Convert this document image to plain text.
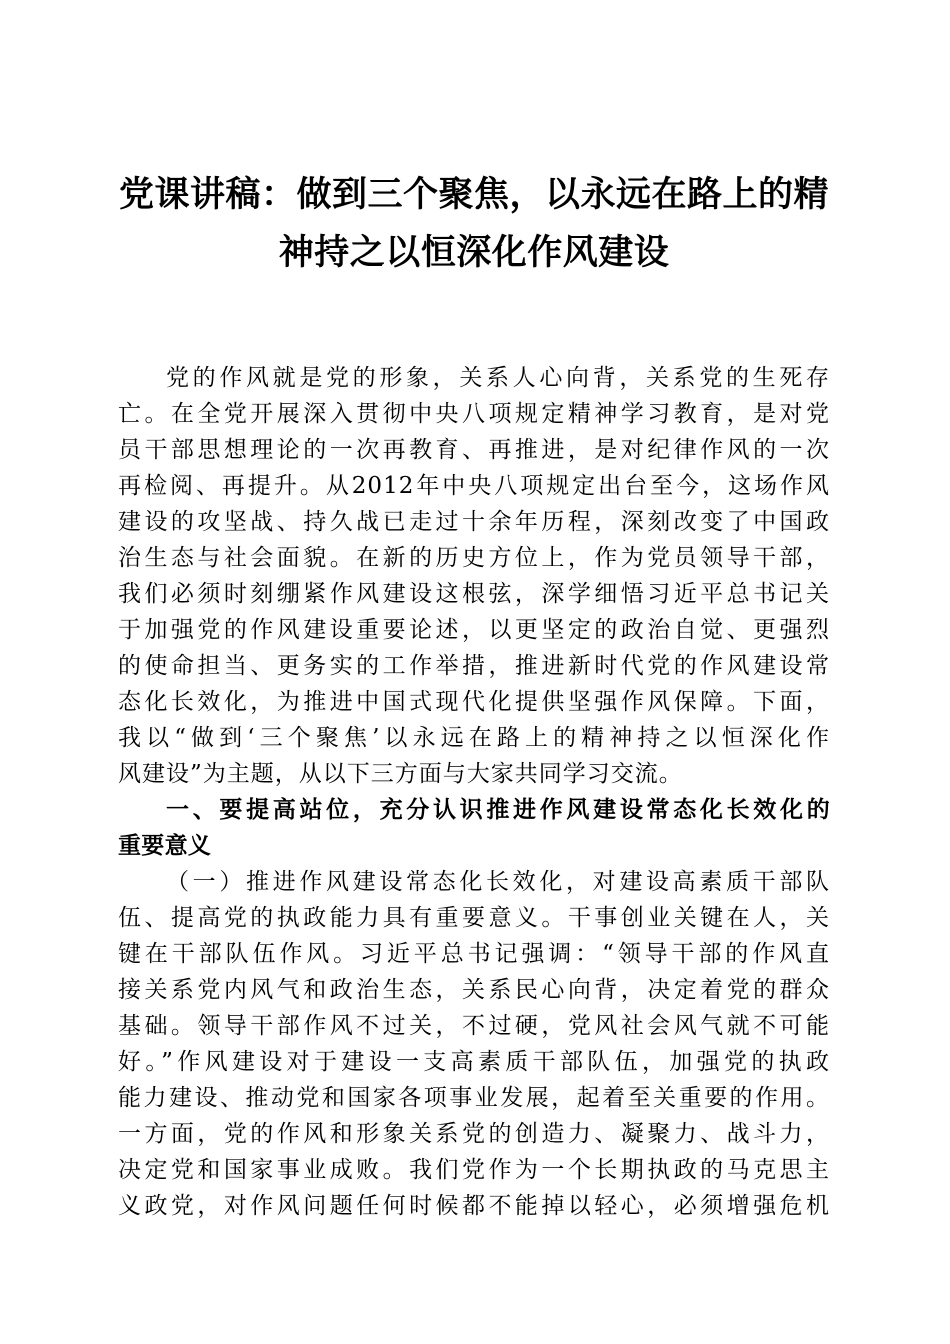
党课讲稿：做到三个聚焦，以永远在路上的精
神持之以恒深化作风建设
党的作风就是党的形象，关系人心向背，关系党的生死存
亡。在全党开展深入贯彻中央八项规定精神学习教育，是对党
员干部思想理论的一次再教育、再推进，是对纪律作风的一次
再检阅、再提升。从2012年中央八项规定出台至今，这场作风
建设的攻坚战、持久战已走过十余年历程，深刻改变了中国政
治生态与社会面貌。在新的历史方位上，作为党员领导干部，
我们必须时刻绷紧作风建设这根弦，深学细悟习近平总书记关
于加强党的作风建设重要论述，以更坚定的政治自觉、更强烈
的使命担当、更务实的工作举措，推进新时代党的作风建设常
态化长效化，为推进中国式现代化提供坚强作风保障。下面，
我以“做到‘三个聚焦’以永远在路上的精神持之以恒深化作
风建设”为主题，从以下三方面与大家共同学习交流。
一、要提高站位，充分认识推进作风建设常态化长效化的
重要意义
（一）推进作风建设常态化长效化，对建设高素质干部队
伍、提高党的执政能力具有重要意义。干事创业关键在人，关
键在干部队伍作风。习近平总书记强调：“领导干部的作风直
接关系党内风气和政治生态，关系民心向背，决定着党的群众
基础。领导干部作风不过关，不过硬，党风社会风气就不可能
好。”作风建设对于建设一支高素质干部队伍，加强党的执政
能力建设、推动党和国家各项事业发展，起着至关重要的作用。
一方面，党的作风和形象关系党的创造力、凝聚力、战斗力，
决定党和国家事业成败。我们党作为一个长期执政的马克思主
义政党，对作风问题任何时候都不能掉以轻心，必须增强危机
